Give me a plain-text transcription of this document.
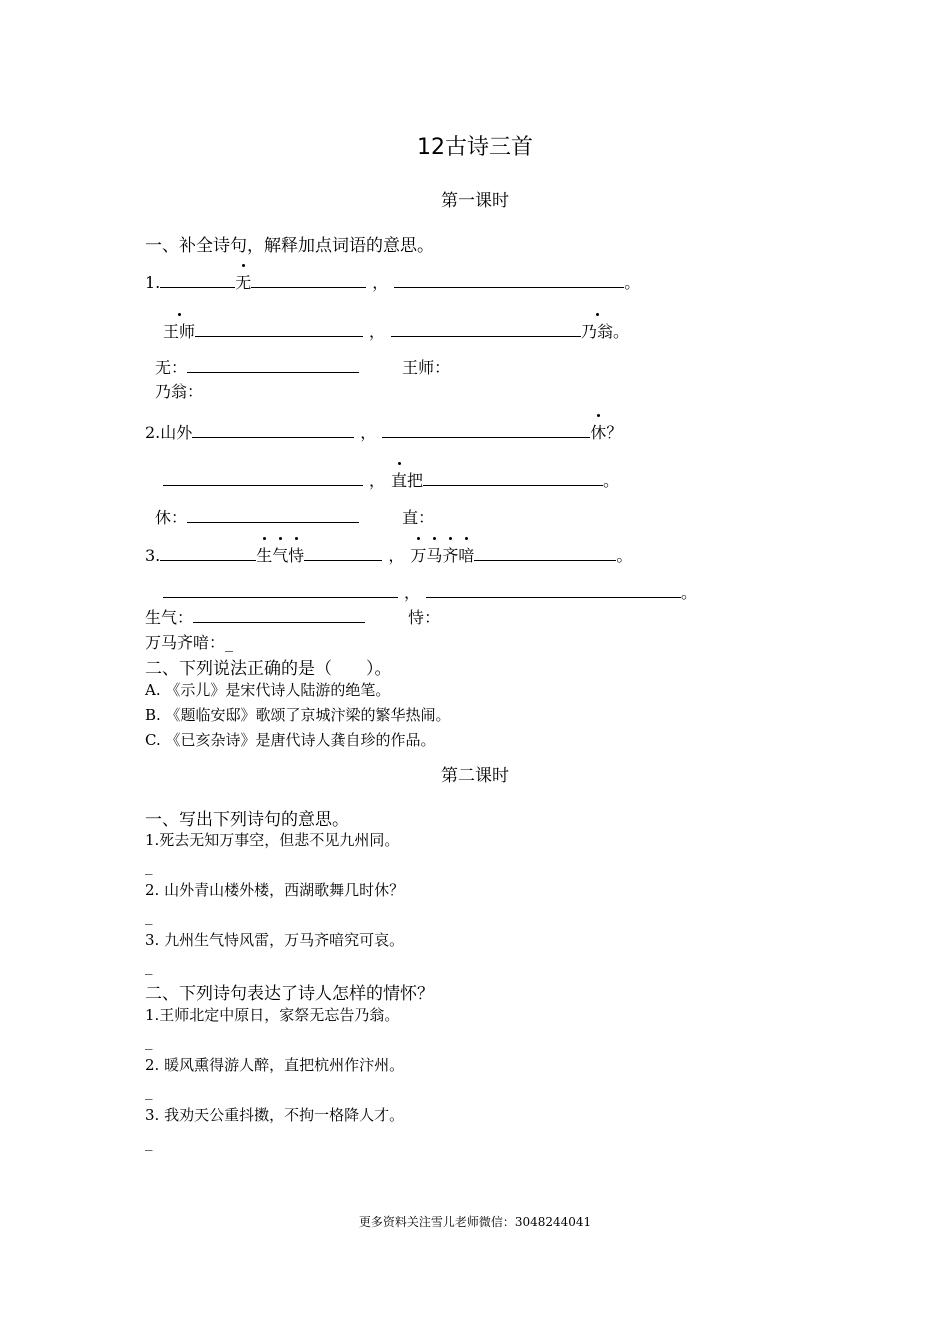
12古诗三首
第一课时
一、补全诗句，解释加点词语的意思。
1.	无	，	。
王师	，	乃翁。
无：	王师：
乃翁：
2.山外	，	休？
， 直把	。
休：	直：
3.	生气恃	， 万马齐喑	。
，	。
生气：	恃：
万马齐喑：_
二、下列说法正确的是（　　）。
A. 《示儿》是宋代诗人陆游的绝笔。
B. 《题临安邸》歌颂了京城汴梁的繁华热闹。
C. 《已亥杂诗》是唐代诗人龚自珍的作品。
第二课时
一、写出下列诗句的意思。
1.死去无知万事空，但悲不见九州同。
_
2. 山外青山楼外楼，西湖歌舞几时休？
_
3. 九州生气恃风雷，万马齐喑究可哀。
_
二、下列诗句表达了诗人怎样的情怀？
1.王师北定中原日，家祭无忘告乃翁。
_
2. 暖风熏得游人醉，直把杭州作汴州。
_
3. 我劝天公重抖擞，不拘一格降人才。
_
更多资料关注雪儿老师微信：3048244041
